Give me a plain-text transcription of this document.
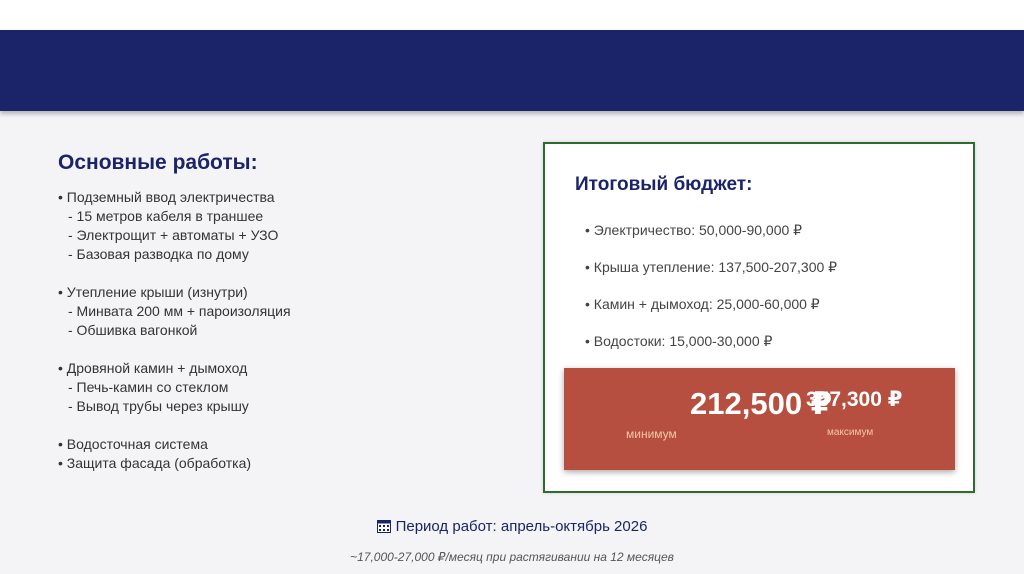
Основные работы:
• Подземный ввод электричества
- 15 метров кабеля в траншее
- Электрощит + автоматы + УЗО
- Базовая разводка по дому
• Утепление крыши (изнутри)
- Минвата 200 мм + пароизоляция
- Обшивка вагонкой
• Дровяной камин + дымоход
- Печь-камин со стеклом
- Вывод трубы через крышу
• Водосточная система
• Защита фасада (обработка)
Итоговый бюджет:
• Электричество: 50,000-90,000 ₽
• Крыша утепление: 137,500-207,300 ₽
• Камин + дымоход: 25,000-60,000 ₽
• Водостоки: 15,000-30,000 ₽
357,300 ₽
212,500 ₽
минимум	максимум
Период работ: апрель-октябрь 2026
~17,000-27,000 ₽/месяц при растягивании на 12 месяцев
